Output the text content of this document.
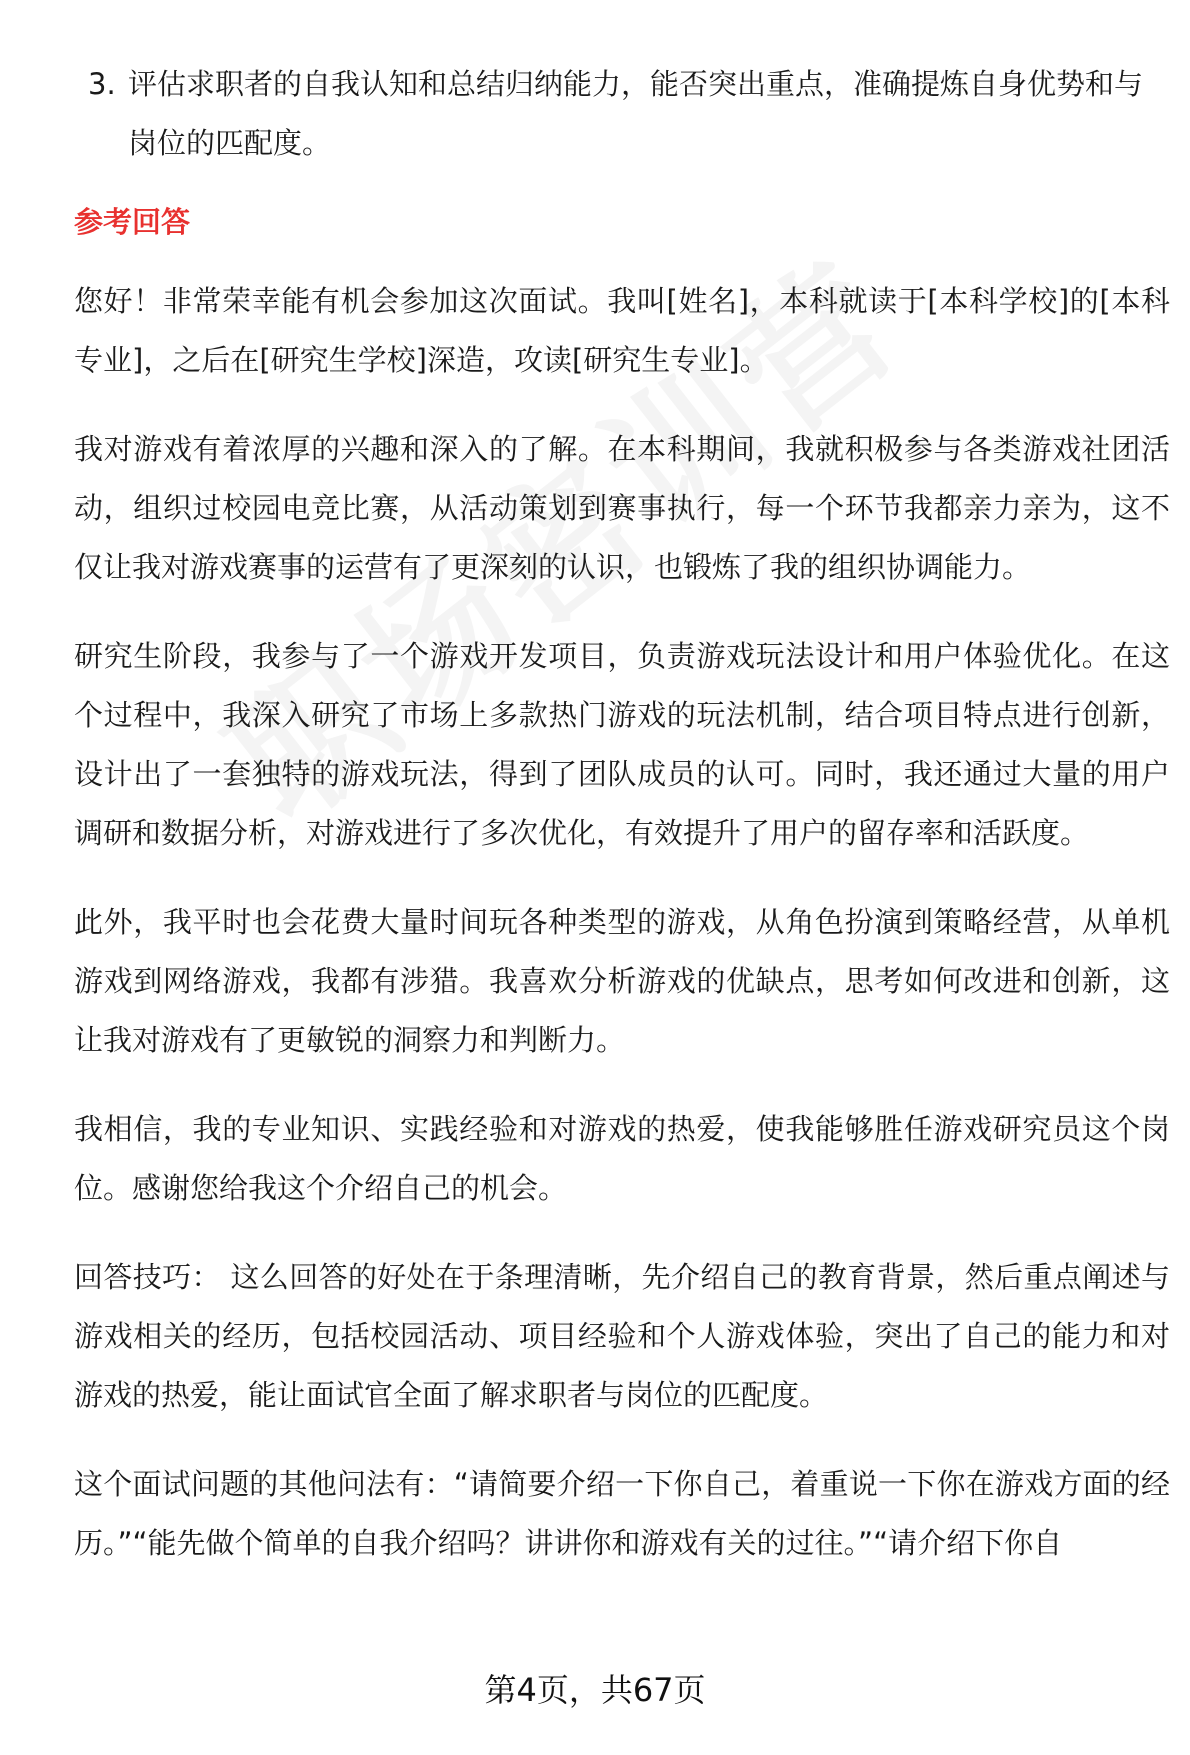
3. 评估求职者的自我认知和总结归纳能力，能否突出重点，准确提炼自身优势和与岗位的匹配度。
参考回答

您好！非常荣幸能有机会参加这次面试。我叫[姓名]，本科就读于[本科学校]的[本科专业]，之后在[研究生学校]深造，攻读[研究生专业]。

我对游戏有着浓厚的兴趣和深入的了解。在本科期间，我就积极参与各类游戏社团活动，组织过校园电竞比赛，从活动策划到赛事执行，每一个环节我都亲力亲为，这不仅让我对游戏赛事的运营有了更深刻的认识，也锻炼了我的组织协调能力。

研究生阶段，我参与了一个游戏开发项目，负责游戏玩法设计和用户体验优化。在这个过程中，我深入研究了市场上多款热门游戏的玩法机制，结合项目特点进行创新，设计出了一套独特的游戏玩法，得到了团队成员的认可。同时，我还通过大量的用户调研和数据分析，对游戏进行了多次优化，有效提升了用户的留存率和活跃度。

此外，我平时也会花费大量时间玩各种类型的游戏，从角色扮演到策略经营，从单机游戏到网络游戏，我都有涉猎。我喜欢分析游戏的优缺点，思考如何改进和创新，这让我对游戏有了更敏锐的洞察力和判断力。

我相信，我的专业知识、实践经验和对游戏的热爱，使我能够胜任游戏研究员这个岗位。感谢您给我这个介绍自己的机会。

回答技巧： 这么回答的好处在于条理清晰，先介绍自己的教育背景，然后重点阐述与游戏相关的经历，包括校园活动、项目经验和个人游戏体验，突出了自己的能力和对游戏的热爱，能让面试官全面了解求职者与岗位的匹配度。

这个面试问题的其他问法有：“请简要介绍一下你自己，着重说一下你在游戏方面的经历。”“能先做个简单的自我介绍吗？讲讲你和游戏有关的过往。”“请介绍下你自

第4页，共67页
